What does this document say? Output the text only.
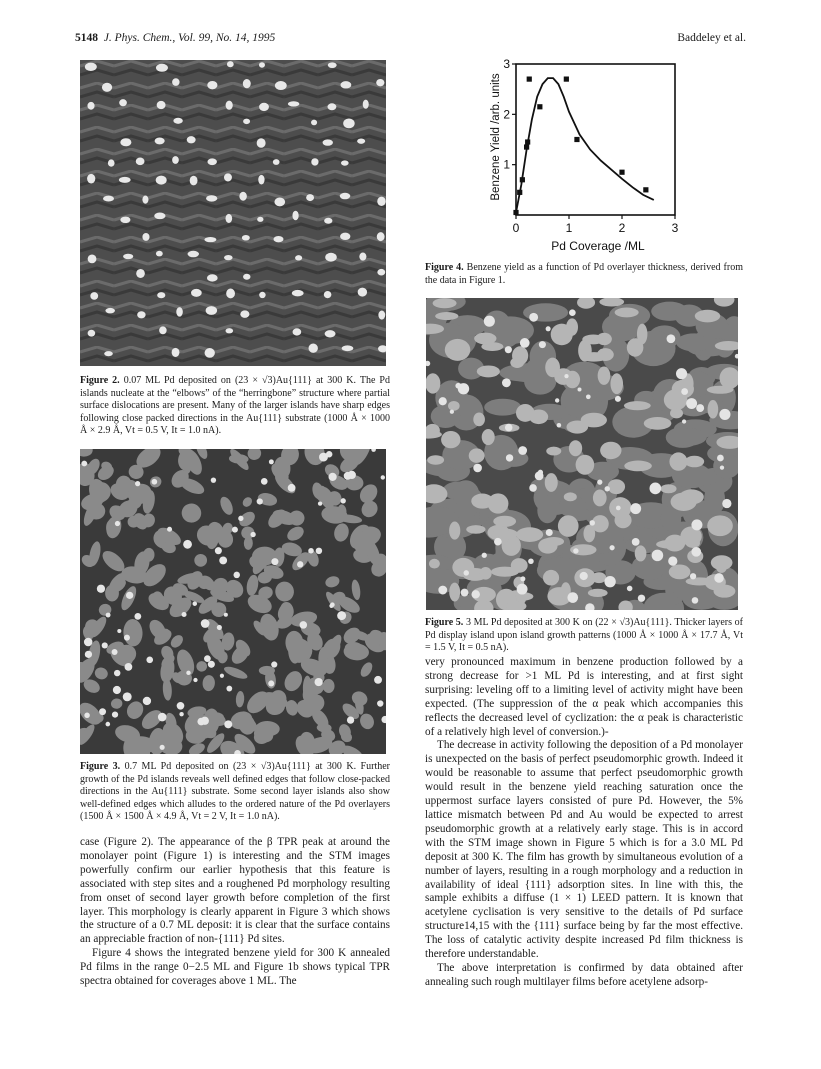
5148 J. Phys. Chem., Vol. 99, No. 14, 1995	Baddeley et al.
Figure 2. 0.07 ML Pd deposited on (23 × √3)Au{111} at 300 K. The Pd islands nucleate at the “elbows” of the “herringbone” structure where partial surface dislocations are present. Many of the larger islands have sharp edges following close packed directions in the Au{111} substrate (1000 Å × 1000 Å × 2.9 Å, Vt = 0.5 V, It = 1.0 nA).
Figure 3. 0.7 ML Pd deposited on (23 × √3)Au{111} at 300 K. Further growth of the Pd islands reveals well defined edges that follow close-packed directions in the Au{111} substrate. Some second layer islands also show well-defined edges which alludes to the ordered nature of the Pd overlayers (1500 Å × 1500 Å × 4.9 Å, Vt = 2 V, It = 1.0 nA).

case (Figure 2). The appearance of the β TPR peak at around the monolayer point (Figure 1) is interesting and the STM images powerfully confirm our earlier hypothesis that this feature is associated with step sites and a roughened Pd morphology resulting from onset of second layer growth before completion of the first layer. This morphology is clearly apparent in Figure 3 which shows the structure of a 0.7 ML deposit: it is clear that the surface contains an appreciable fraction of non-{111} Pd sites.

Figure 4 shows the integrated benzene yield for 300 K annealed Pd films in the range 0−2.5 ML and Figure 1b shows typical TPR spectra obtained for coverages above 1 ML. The

0	1	2	3
1
2
3
Pd Coverage /ML
Benzene Yield /arb. units
Figure 4. Benzene yield as a function of Pd overlayer thickness, derived from the data in Figure 1.
Figure 5. 3 ML Pd deposited at 300 K on (22 × √3)Au{111}. Thicker layers of Pd display island upon island growth patterns (1000 Å × 1000 Å × 17.7 Å, Vt = 1.5 V, It = 0.5 nA).

very pronounced maximum in benzene production followed by a strong decrease for >1 ML Pd is interesting, and at first sight surprising: leveling off to a limiting level of activity might have been expected. (The suppression of the α peak which accompanies this reflects the decreased level of cyclization: the α peak is characteristic of a relatively high level of conversion.)-

The decrease in activity following the deposition of a Pd monolayer is unexpected on the basis of perfect pseudomorphic growth. Indeed it would be reasonable to assume that perfect pseudomorphic growth would result in the benzene yield reaching saturation once the uppermost surface layers consisted of pure Pd. However, the 5% lattice mismatch between Pd and Au would be expected to arrest pseudomorphic growth at a relatively early stage. This is in accord with the STM image shown in Figure 5 which is for a 3.0 ML Pd deposit at 300 K. The film has growth by simultaneous evolution of a number of layers, resulting in a rough morphology and a reduction in availability of ideal {111} adsorption sites. In line with this, the sample exhibits a diffuse (1 × 1) LEED pattern. It is known that acetylene cyclisation is very sensitive to the details of Pd surface structure14,15 with the {111} surface being by far the most effective. The loss of catalytic activity despite increased Pd film thickness is therefore understandable.

The above interpretation is confirmed by data obtained after annealing such rough multilayer films before acetylene adsorp-
